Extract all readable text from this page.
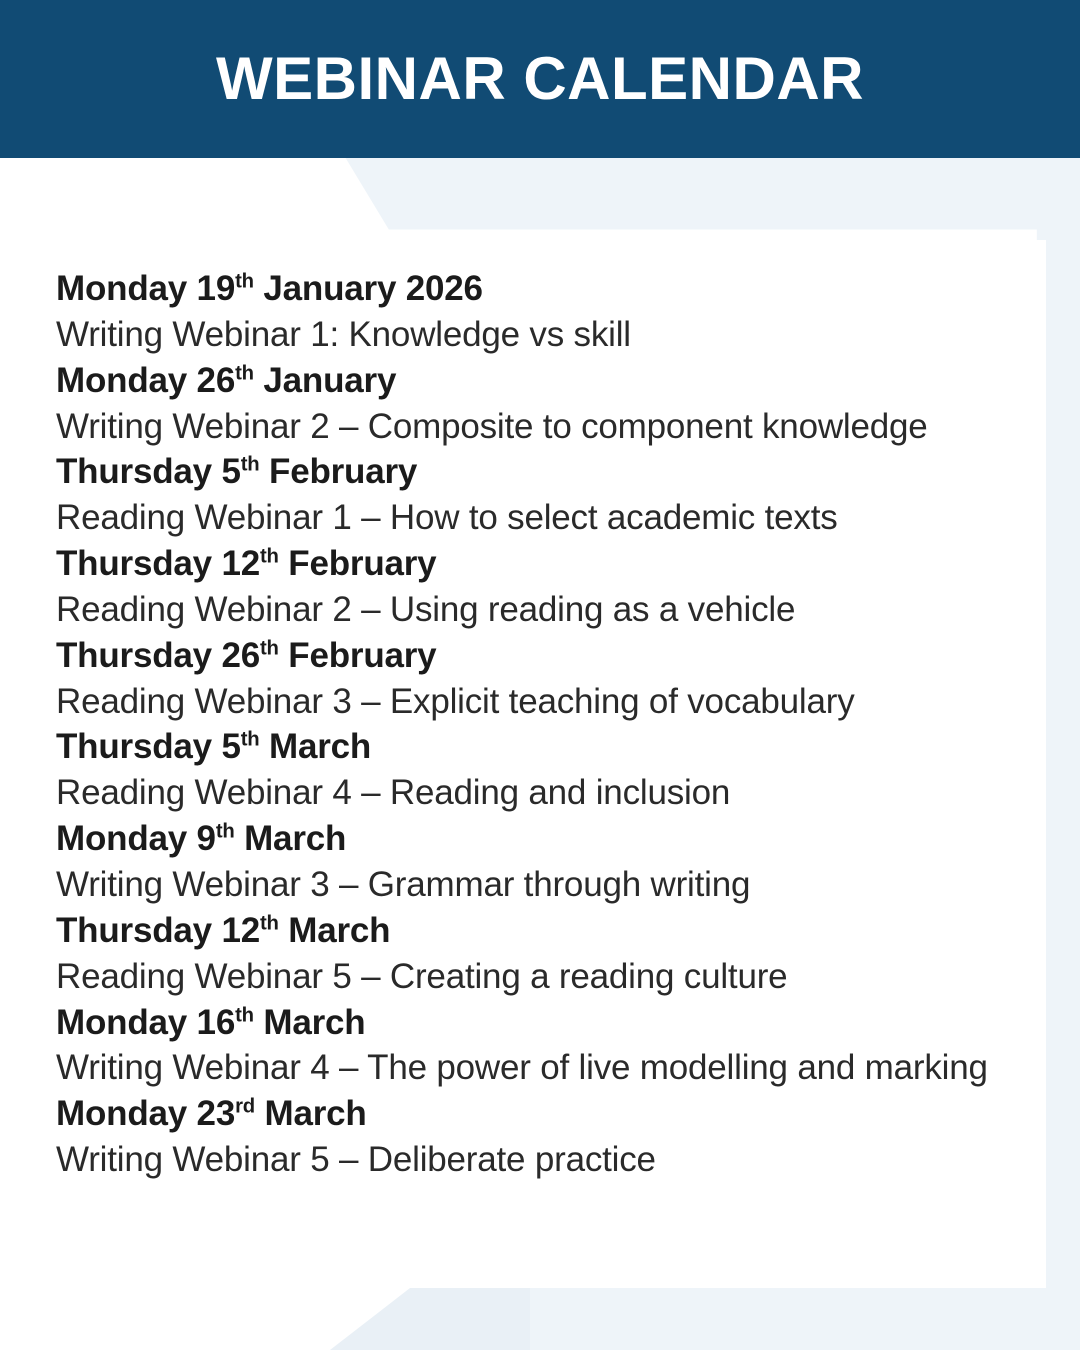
WEBINAR CALENDAR
Monday 19th January 2026
Writing Webinar 1: Knowledge vs skill
Monday 26th January
Writing Webinar 2 – Composite to component knowledge
Thursday 5th February
Reading Webinar 1 – How to select academic texts
Thursday 12th February
Reading Webinar 2 – Using reading as a vehicle
Thursday 26th February
Reading Webinar 3 – Explicit teaching of vocabulary
Thursday 5th March
Reading Webinar 4 – Reading and inclusion
Monday 9th March
Writing Webinar 3 – Grammar through writing
Thursday 12th March
Reading Webinar 5 – Creating a reading culture
Monday 16th March
Writing Webinar 4 – The power of live modelling and marking
Monday 23rd March
Writing Webinar 5 – Deliberate practice
